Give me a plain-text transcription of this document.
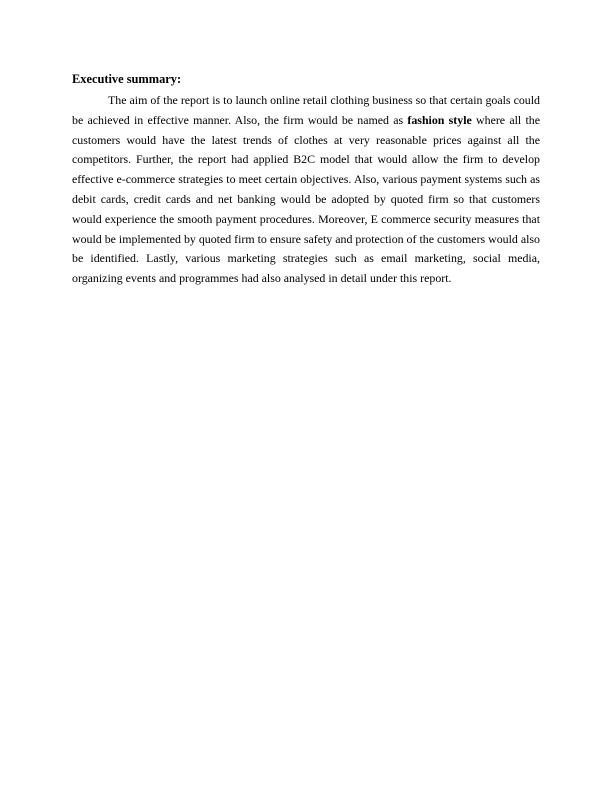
Executive summary:

The aim of the report is to launch online retail clothing business so that certain goals could be achieved in effective manner. Also, the firm would be named as fashion style where all the customers would have the latest trends of clothes at very reasonable prices against all the competitors. Further, the report had applied B2C model that would allow the firm to develop effective e-commerce strategies to meet certain objectives. Also, various payment systems such as debit cards, credit cards and net banking would be adopted by quoted firm so that customers would experience the smooth payment procedures. Moreover, E commerce security measures that would be implemented by quoted firm to ensure safety and protection of the customers would also be identified. Lastly, various marketing strategies such as email marketing, social media, organizing events and programmes had also analysed in detail under this report.
